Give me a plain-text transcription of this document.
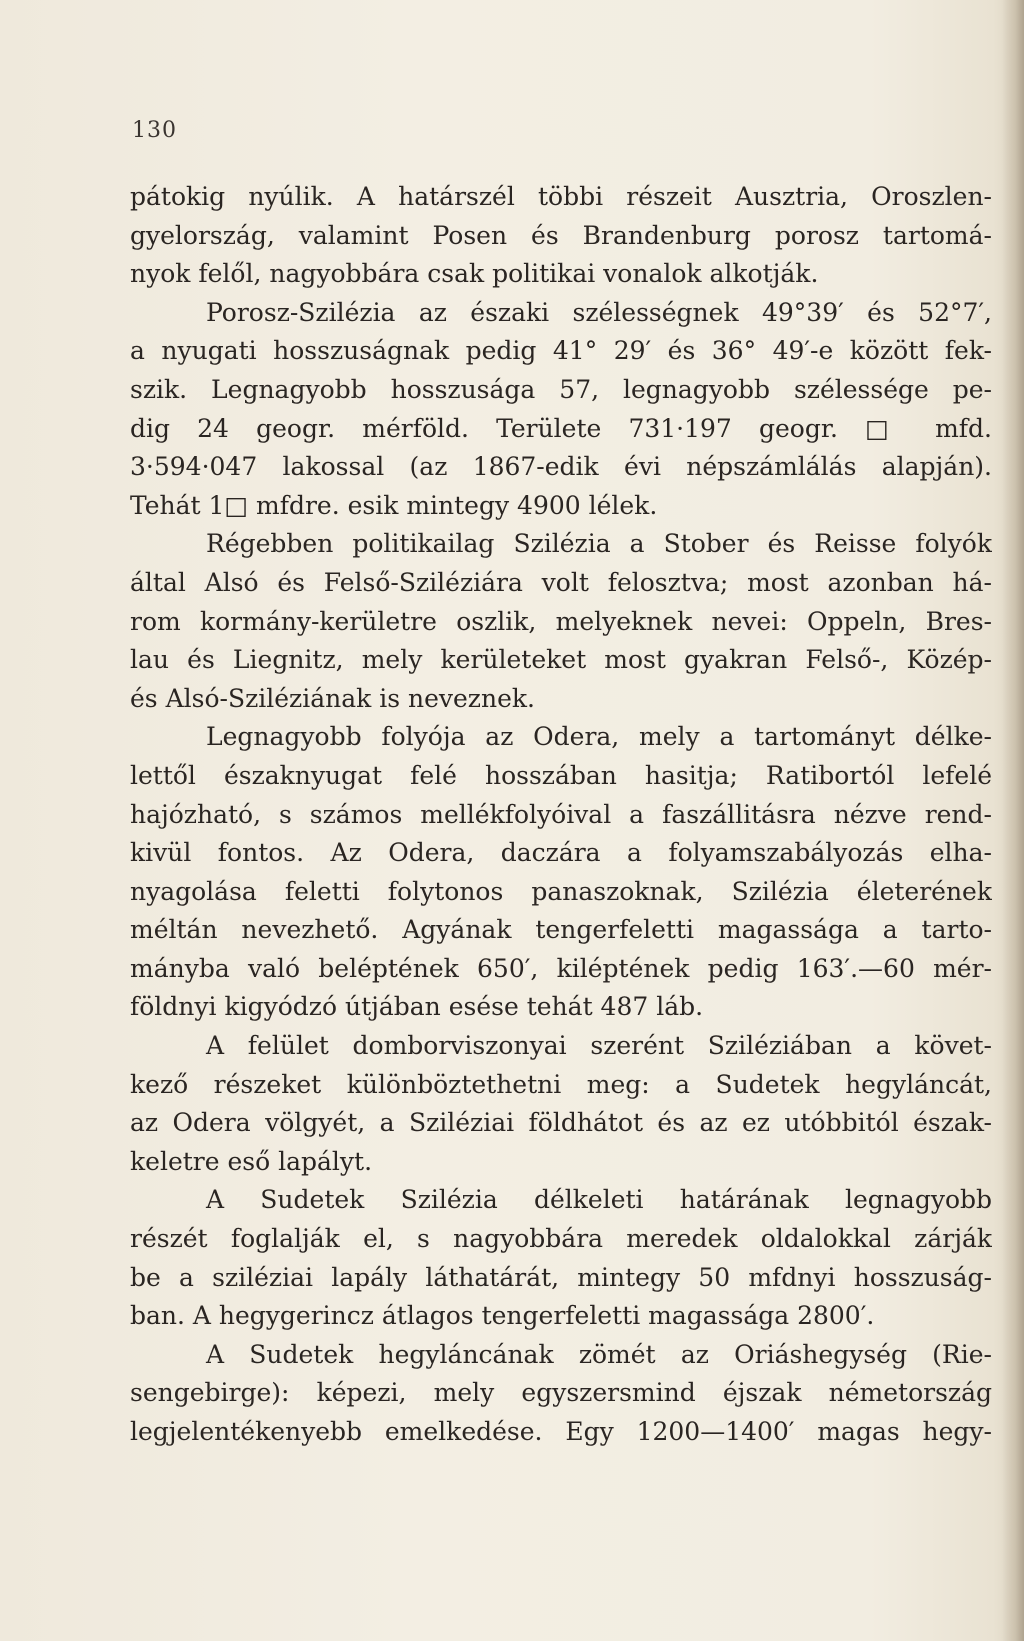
130
pátokig nyúlik. A határszél többi részeit Ausztria, Oroszlen-
gyelország, valamint Posen és Brandenburg porosz tartomá-
nyok felől, nagyobbára csak politikai vonalok alkotják.
Porosz-Szilézia az északi szélességnek 49°39′ és 52°7′,
a nyugati hosszuságnak pedig 41° 29′ és 36° 49′-e között fek-
szik. Legnagyobb hosszusága 57, legnagyobb szélessége pe-
dig 24 geogr. mérföld. Területe 731·197 geogr. □ mfd.
3·594·047 lakossal (az 1867-edik évi népszámlálás alapján).
Tehát 1□ mfdre. esik mintegy 4900 lélek.
Régebben politikailag Szilézia a Stober és Reisse folyók
által Alsó és Felső-Sziléziára volt felosztva; most azonban há-
rom kormány-kerületre oszlik, melyeknek nevei: Oppeln, Bres-
lau és Liegnitz, mely kerületeket most gyakran Felső-, Közép-
és Alsó-Sziléziának is neveznek.
Legnagyobb folyója az Odera, mely a tartományt délke-
lettől északnyugat felé hosszában hasitja; Ratibortól lefelé
hajózható, s számos mellékfolyóival a faszállitásra nézve rend-
kivül fontos. Az Odera, daczára a folyamszabályozás elha-
nyagolása feletti folytonos panaszoknak, Szilézia életerének
méltán nevezhető. Agyának tengerfeletti magassága a tarto-
mányba való beléptének 650′, kiléptének pedig 163′.—60 mér-
földnyi kigyódzó útjában esése tehát 487 láb.
A felület domborviszonyai szerént Sziléziában a követ-
kező részeket különböztethetni meg: a Sudetek hegyláncát,
az Odera völgyét, a Sziléziai földhátot és az ez utóbbitól észak-
keletre eső lapályt.
A Sudetek Szilézia délkeleti határának legnagyobb
részét foglalják el, s nagyobbára meredek oldalokkal zárják
be a sziléziai lapály láthatárát, mintegy 50 mfdnyi hosszuság-
ban. A hegygerincz átlagos tengerfeletti magassága 2800′.
A Sudetek hegyláncának zömét az Oriáshegység (Rie-
sengebirge): képezi, mely egyszersmind éjszak németország
legjelentékenyebb emelkedése. Egy 1200—1400′ magas hegy-
